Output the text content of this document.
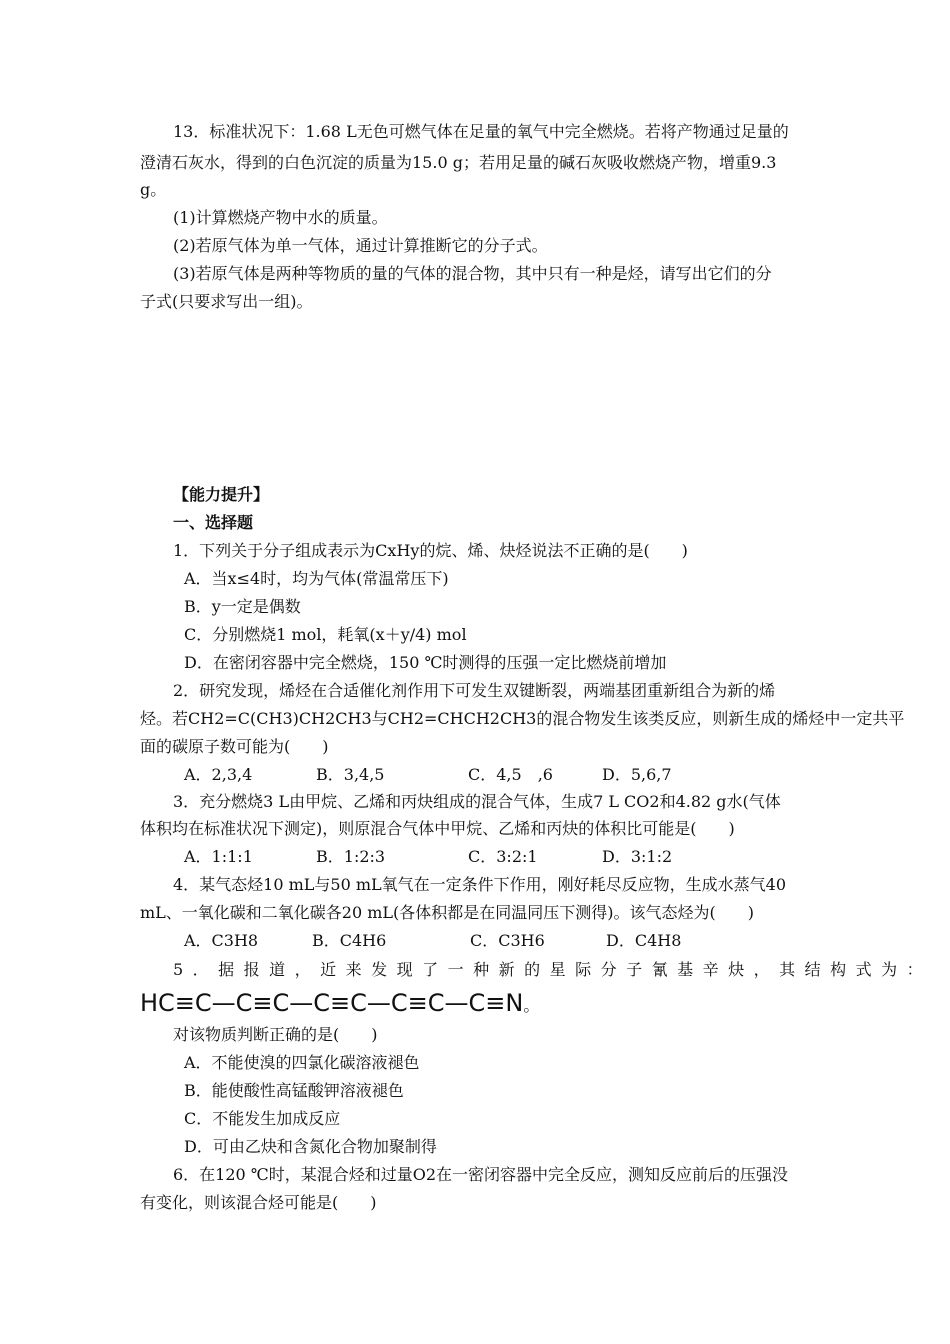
13．标准状况下：1.68 L无色可燃气体在足量的氧气中完全燃烧。若将产物通过足量的
澄清石灰水，得到的白色沉淀的质量为15.0 g；若用足量的碱石灰吸收燃烧产物，增重9.3
g。
(1)计算燃烧产物中水的质量。
(2)若原气体为单一气体，通过计算推断它的分子式。
(3)若原气体是两种等物质的量的气体的混合物，其中只有一种是烃，请写出它们的分
子式(只要求写出一组)。
【能力提升】
一、选择题
1．下列关于分子组成表示为CxHy的烷、烯、炔烃说法不正确的是(　　)
A．当x≤4时，均为气体(常温常压下)
B．y一定是偶数
C．分别燃烧1 mol，耗氧(x＋y/4) mol
D．在密闭容器中完全燃烧，150 ℃时测得的压强一定比燃烧前增加
2．研究发现，烯烃在合适催化剂作用下可发生双键断裂，两端基团重新组合为新的烯
烃。若CH2=C(CH3)CH2CH3与CH2=CHCH2CH3的混合物发生该类反应，则新生成的烯烃中一定共平
面的碳原子数可能为(　　)
A．2,3,4	B．3,4,5	C．4,5　,6	D．5,6,7
3．充分燃烧3 L由甲烷、乙烯和丙炔组成的混合气体，生成7 L CO2和4.82 g水(气体
体积均在标准状况下测定)，则原混合气体中甲烷、乙烯和丙炔的体积比可能是(　　)
A．1:1:1	B．1:2:3	C．3:2:1	D．3:1:2
4．某气态烃10 mL与50 mL氧气在一定条件下作用，刚好耗尽反应物，生成水蒸气40
mL、一氧化碳和二氧化碳各20 mL(各体积都是在同温同压下测得)。该气态烃为(　　)
A．C3H8	B．C4H6	C．C3H6	D．C4H8
5．据报道，近来发现了一种新的星际分子氰基辛炔，其结构式为：
HC≡C—C≡C—C≡C—C≡C—C≡N。
对该物质判断正确的是(　　)
A．不能使溴的四氯化碳溶液褪色
B．能使酸性高锰酸钾溶液褪色
C．不能发生加成反应
D．可由乙炔和含氮化合物加聚制得
6．在120 ℃时，某混合烃和过量O2在一密闭容器中完全反应，测知反应前后的压强没
有变化，则该混合烃可能是(　　)
